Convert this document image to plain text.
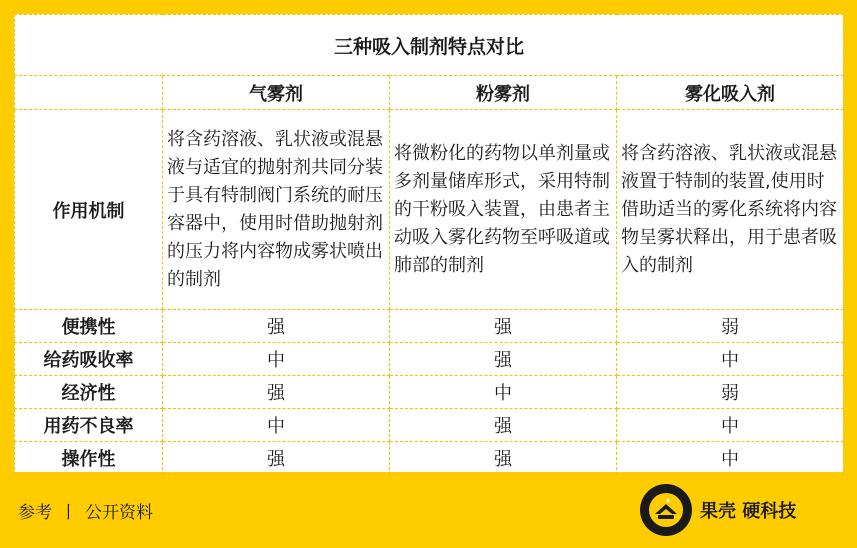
三种吸入制剂特点对比			
	气雾剂	粉雾剂	雾化吸入剂
作用机制	将含药溶液、乳状液或混悬液与适宜的抛射剂共同分装于具有特制阀门系统的耐压容器中，使用时借助抛射剂的压力将内容物成雾状喷出的制剂	将微粉化的药物以单剂量或多剂量储库形式，采用特制的干粉吸入装置，由患者主动吸入雾化药物至呼吸道或肺部的制剂	将含药溶液、乳状液或混悬液置于特制的装置,使用时借助适当的雾化系统将内容物呈雾状释出，用于患者吸入的制剂
便携性	强	强	弱
给药吸收率	中	强	中
经济性	强	中	弱
用药不良率	中	强	中
操作性	强	强	中
参考 丨 公开资料	果壳 硬科技
